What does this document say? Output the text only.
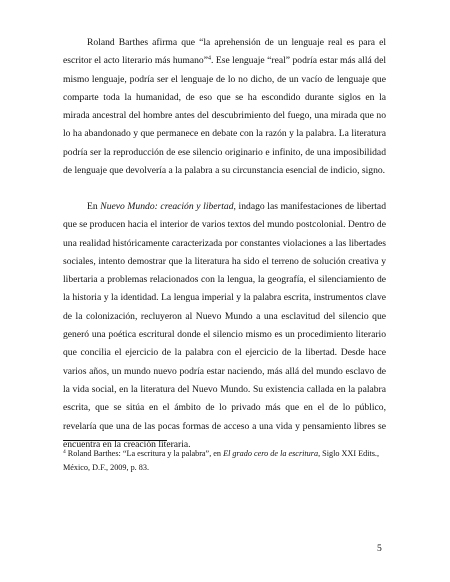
Roland Barthes afirma que “la aprehensión de un lenguaje real es para el escritor el acto literario más humano”$^4$. Ese lenguaje “real” podría estar más allá del mismo lenguaje, podría ser el lenguaje de lo no dicho, de un vacío de lenguaje que comparte toda la humanidad, de eso que se ha escondido durante siglos en la mirada ancestral del hombre antes del descubrimiento del fuego, una mirada que no lo ha abandonado y que permanece en debate con la razón y la palabra. La literatura podría ser la reproducción de ese silencio originario e infinito, de una imposibilidad de lenguaje que devolvería a la palabra a su circunstancia esencial de indicio, signo.

En Nuevo Mundo: creación y libertad, indago las manifestaciones de libertad que se producen hacia el interior de varios textos del mundo postcolonial. Dentro de una realidad históricamente caracterizada por constantes violaciones a las libertades sociales, intento demostrar que la literatura ha sido el terreno de solución creativa y libertaria a problemas relacionados con la lengua, la geografía, el silenciamiento de la historia y la identidad. La lengua imperial y la palabra escrita, instrumentos clave de la colonización, recluyeron al Nuevo Mundo a una esclavitud del silencio que generó una poética escritural donde el silencio mismo es un procedimiento literario que concilia el ejercicio de la palabra con el ejercicio de la libertad. Desde hace varios años, un mundo nuevo podría estar naciendo, más allá del mundo esclavo de la vida social, en la literatura del Nuevo Mundo. Su existencia callada en la palabra escrita, que se sitúa en el ámbito de lo privado más que en el de lo público, revelaría que una de las pocas formas de acceso a una vida y pensamiento libres se encuentra en la creación literaria.

$^4$ Roland Barthes: “La escritura y la palabra”, en El grado cero de la escritura, Siglo XXI Edits., México, D.F., 2009, p. 83.

5
